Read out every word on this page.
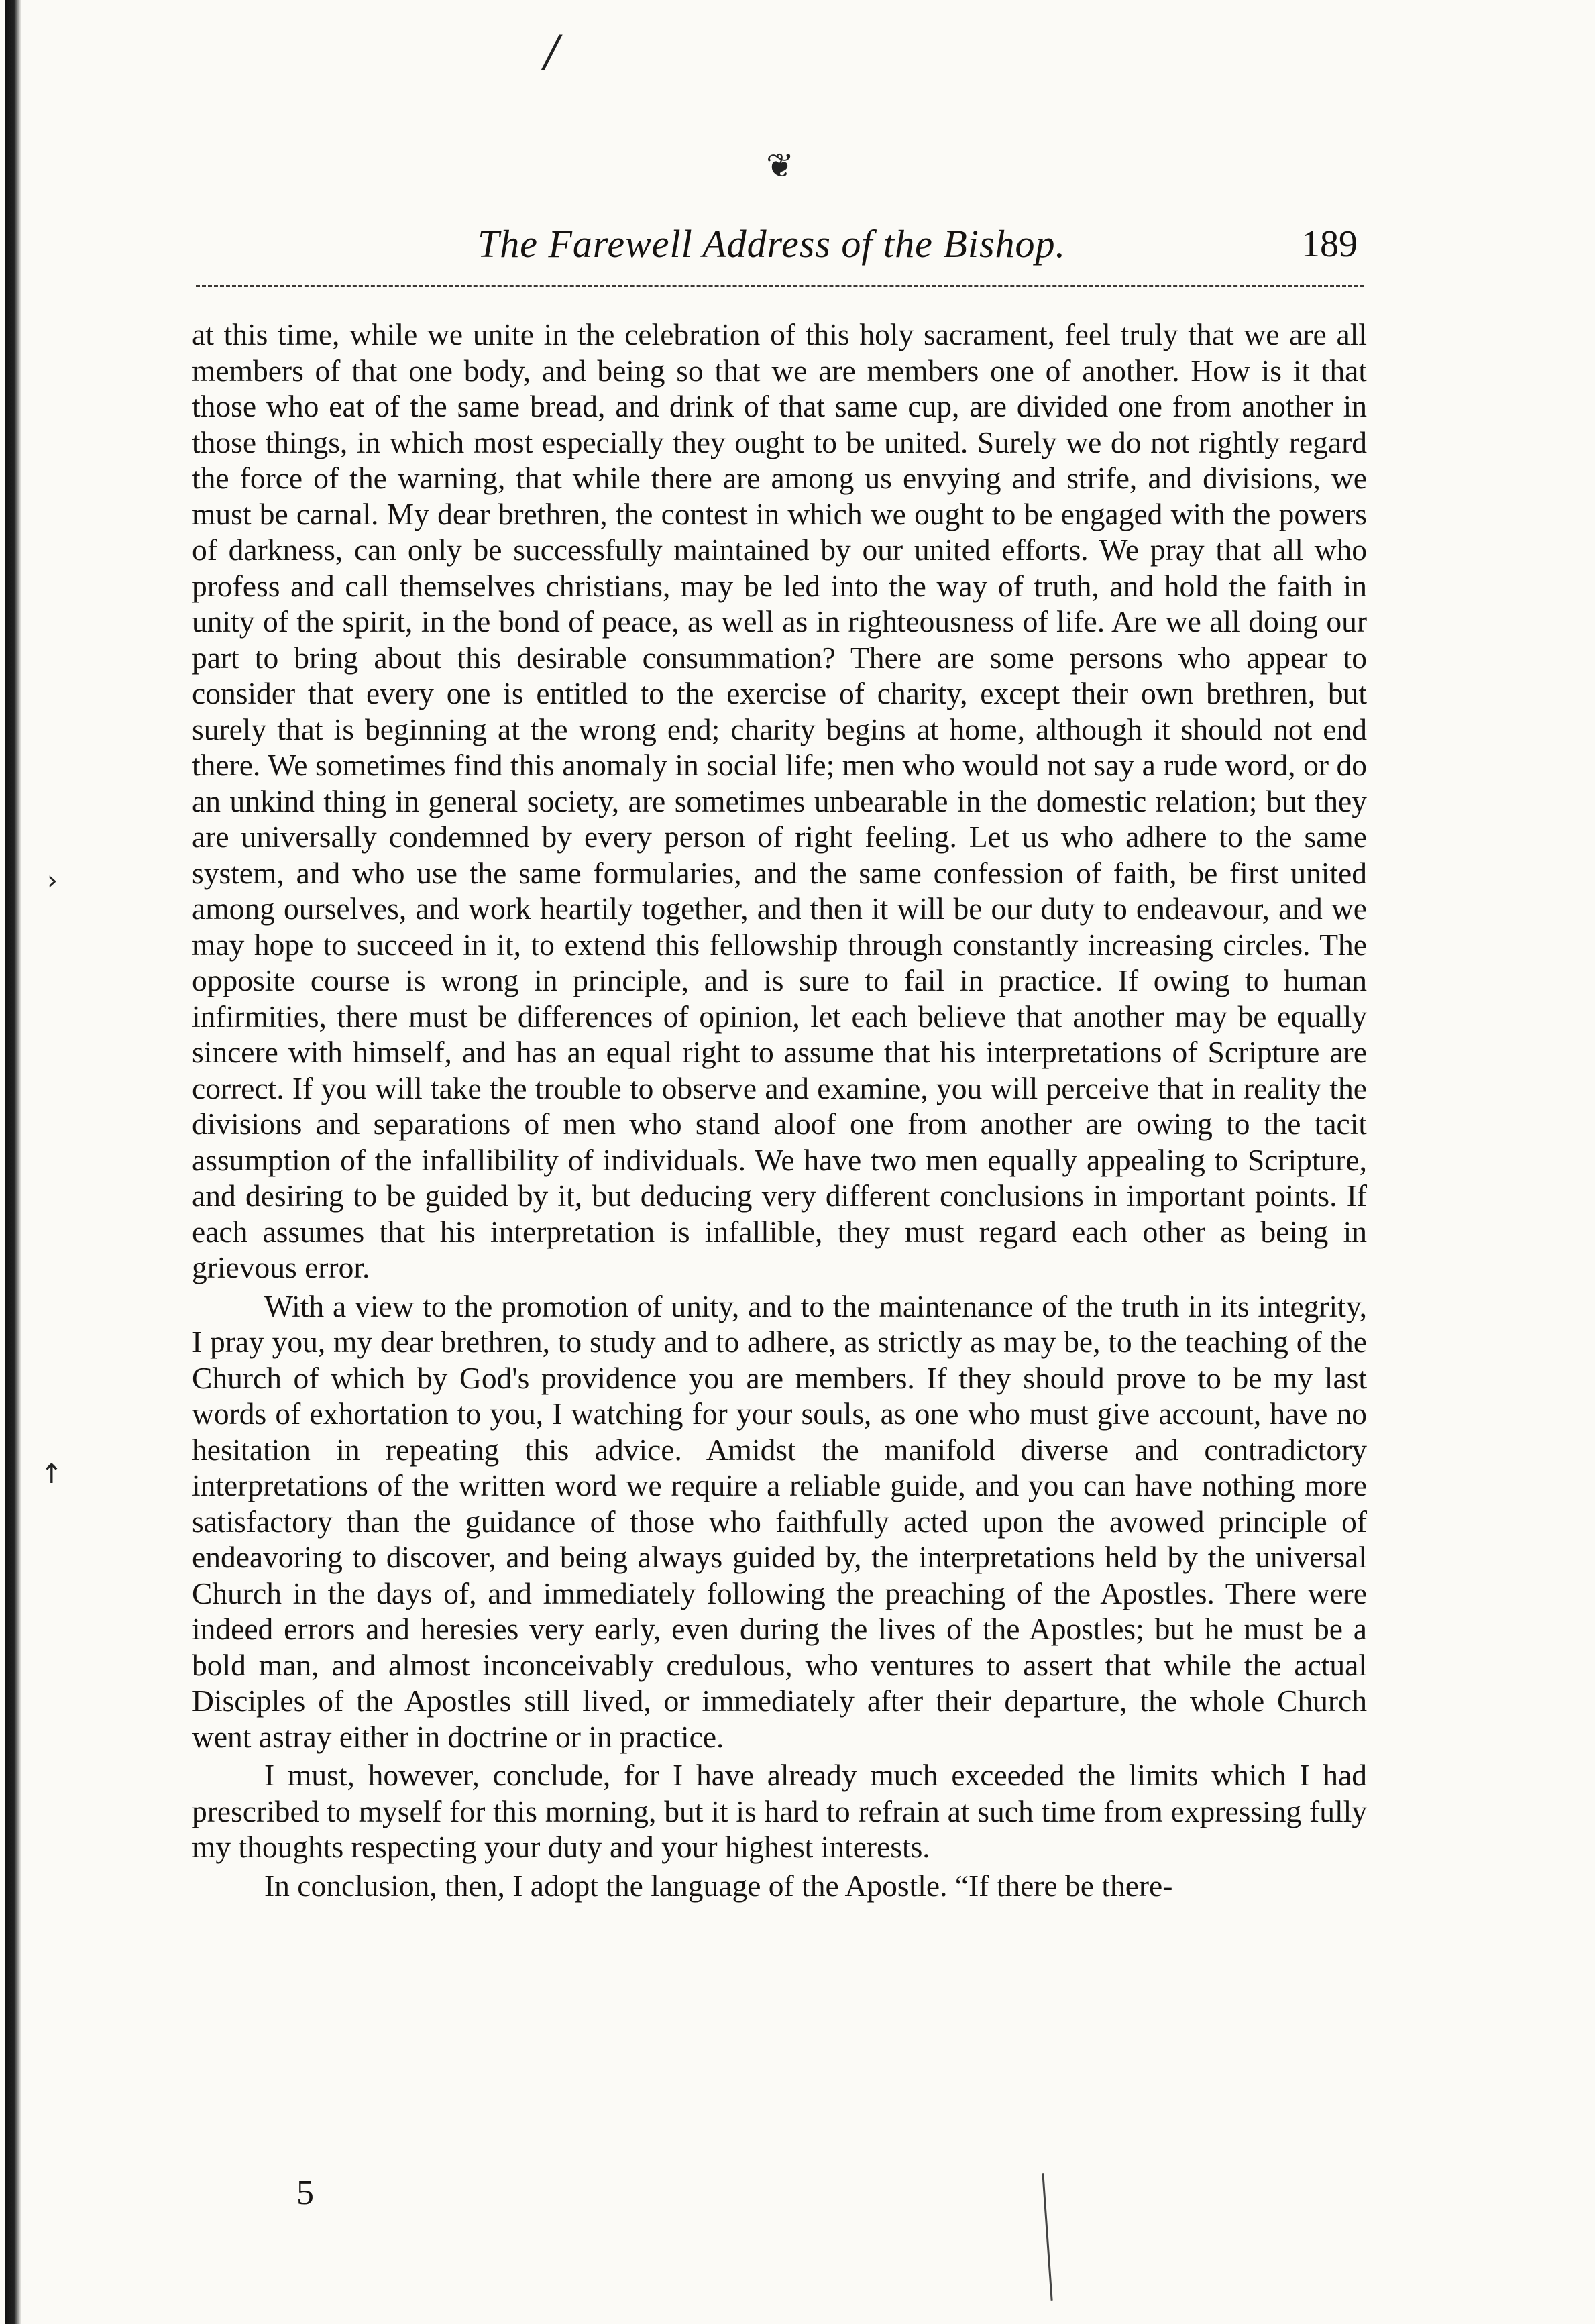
/
❦
The Farewell Address of the Bishop.	189

at this time, while we unite in the celebration of this holy sacrament, feel truly that we are all members of that one body, and being so that we are members one of another. How is it that those who eat of the same bread, and drink of that same cup, are divided one from another in those things, in which most especially they ought to be united. Surely we do not rightly regard the force of the warning, that while there are among us envying and strife, and divisions, we must be carnal. My dear brethren, the contest in which we ought to be engaged with the powers of darkness, can only be successfully maintained by our united efforts. We pray that all who profess and call themselves christians, may be led into the way of truth, and hold the faith in unity of the spirit, in the bond of peace, as well as in righteousness of life. Are we all doing our part to bring about this desirable consummation? There are some persons who appear to consider that every one is entitled to the exercise of charity, except their own brethren, but surely that is beginning at the wrong end; charity begins at home, although it should not end there. We sometimes find this anomaly in social life; men who would not say a rude word, or do an unkind thing in general society, are sometimes unbearable in the domestic relation; but they are universally condemned by every person of right feeling. Let us who adhere to the same system, and who use the same formularies, and the same confession of faith, be first united among ourselves, and work heartily together, and then it will be our duty to endeavour, and we may hope to succeed in it, to extend this fellowship through constantly increasing circles. The opposite course is wrong in principle, and is sure to fail in practice. If owing to human infirmities, there must be differences of opinion, let each believe that another may be equally sincere with himself, and has an equal right to assume that his interpretations of Scripture are correct. If you will take the trouble to observe and examine, you will perceive that in reality the divisions and separations of men who stand aloof one from another are owing to the tacit assumption of the infallibility of individuals. We have two men equally appealing to Scripture, and desiring to be guided by it, but deducing very different conclusions in important points. If each assumes that his interpretation is infallible, they must regard each other as being in grievous error.

With a view to the promotion of unity, and to the maintenance of the truth in its integrity, I pray you, my dear brethren, to study and to adhere, as strictly as may be, to the teaching of the Church of which by God's providence you are members. If they should prove to be my last words of exhortation to you, I watching for your souls, as one who must give account, have no hesitation in repeating this advice. Amidst the manifold diverse and contradictory interpretations of the written word we require a reliable guide, and you can have nothing more satisfactory than the guidance of those who faithfully acted upon the avowed principle of endeavoring to discover, and being always guided by, the interpretations held by the universal Church in the days of, and immediately following the preaching of the Apostles. There were indeed errors and heresies very early, even during the lives of the Apostles; but he must be a bold man, and almost inconceivably credulous, who ventures to assert that while the actual Disciples of the Apostles still lived, or immediately after their departure, the whole Church went astray either in doctrine or in practice.

I must, however, conclude, for I have already much exceeded the limits which I had prescribed to myself for this morning, but it is hard to refrain at such time from expressing fully my thoughts respecting your duty and your highest interests.

In conclusion, then, I adopt the language of the Apostle. “If there be there-

5
›
↑
